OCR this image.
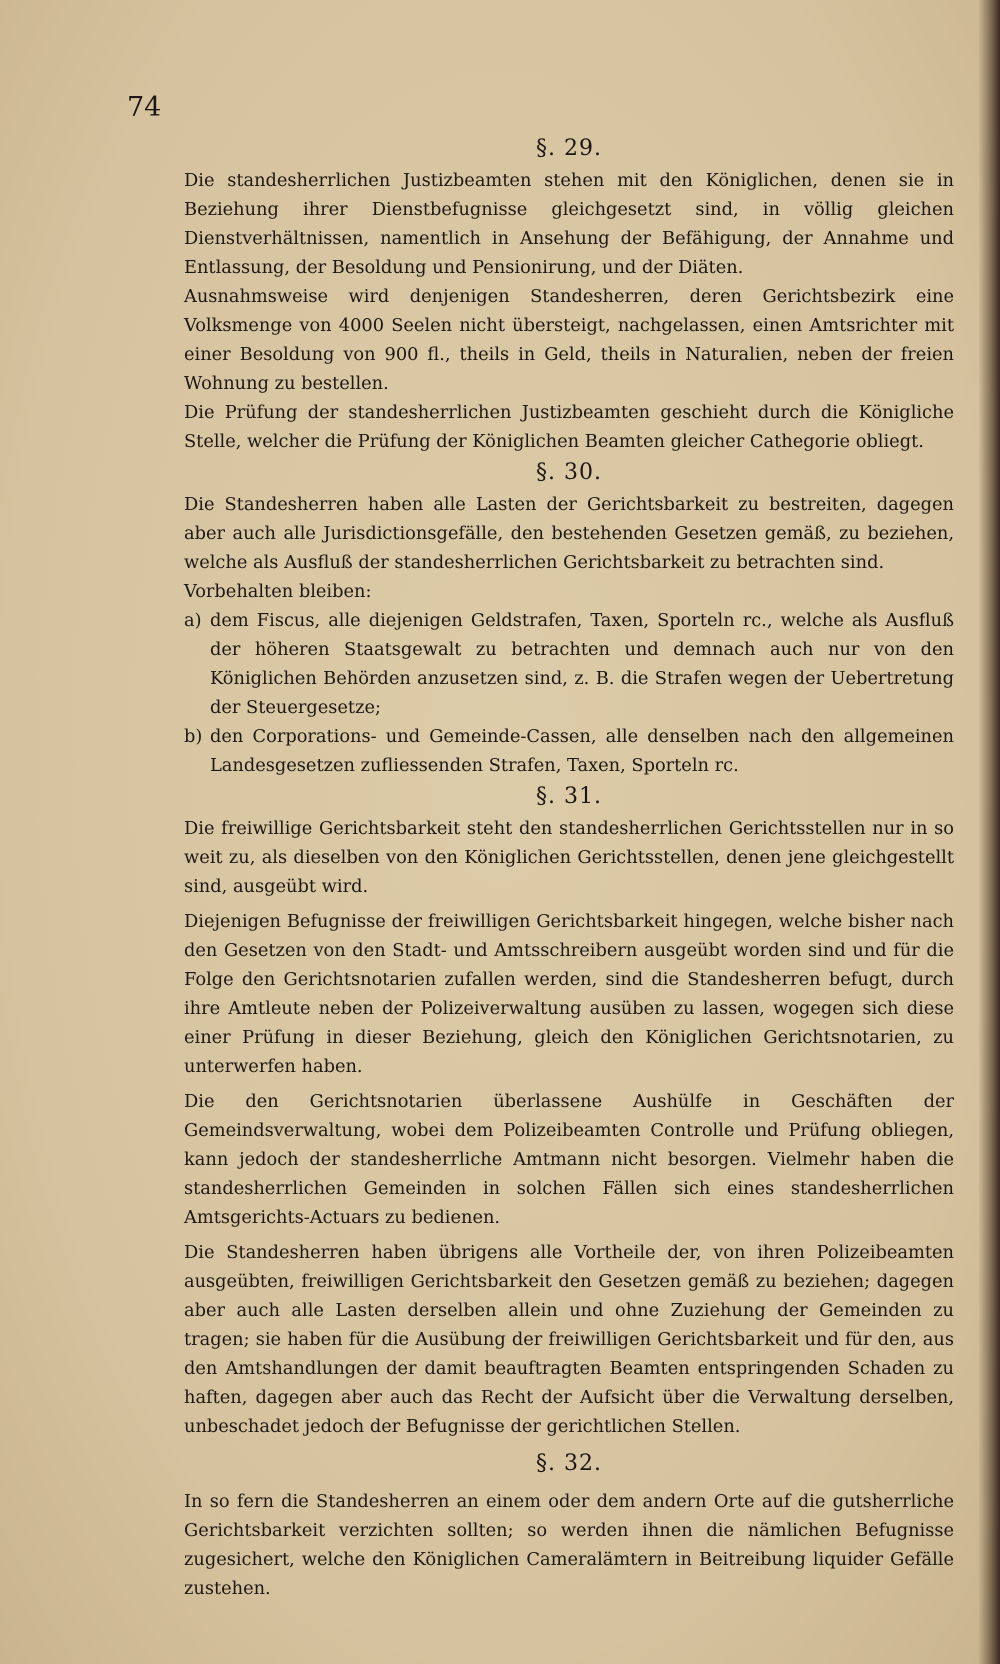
74
§. 29.

Die standesherrlichen Justizbeamten stehen mit den Königlichen, denen sie in Beziehung ihrer Dienstbefugnisse gleichgesetzt sind, in völlig gleichen Dienstverhältnissen, namentlich in Ansehung der Befähigung, der Annahme und Entlassung, der Besoldung und Pensionirung, und der Diäten.

Ausnahmsweise wird denjenigen Standesherren, deren Gerichtsbezirk eine Volksmenge von 4000 Seelen nicht übersteigt, nachgelassen, einen Amtsrichter mit einer Besoldung von 900 fl., theils in Geld, theils in Naturalien, neben der freien Wohnung zu bestellen.

Die Prüfung der standesherrlichen Justizbeamten geschieht durch die Königliche Stelle, welcher die Prüfung der Königlichen Beamten gleicher Cathegorie obliegt.

§. 30.

Die Standesherren haben alle Lasten der Gerichtsbarkeit zu bestreiten, dagegen aber auch alle Jurisdictionsgefälle, den bestehenden Gesetzen gemäß, zu beziehen, welche als Ausfluß der standesherrlichen Gerichtsbarkeit zu betrachten sind.

Vorbehalten bleiben:

a) dem Fiscus, alle diejenigen Geldstrafen, Taxen, Sporteln rc., welche als Ausfluß der höheren Staatsgewalt zu betrachten und demnach auch nur von den Königlichen Behörden anzusetzen sind, z. B. die Strafen wegen der Uebertretung der Steuergesetze;
b) den Corporations- und Gemeinde-Cassen, alle denselben nach den allgemeinen Landesgesetzen zufliessenden Strafen, Taxen, Sporteln rc.
§. 31.

Die freiwillige Gerichtsbarkeit steht den standesherrlichen Gerichtsstellen nur in so weit zu, als dieselben von den Königlichen Gerichtsstellen, denen jene gleichgestellt sind, ausgeübt wird.

Diejenigen Befugnisse der freiwilligen Gerichtsbarkeit hingegen, welche bisher nach den Gesetzen von den Stadt- und Amtsschreibern ausgeübt worden sind und für die Folge den Gerichtsnotarien zufallen werden, sind die Standesherren befugt, durch ihre Amtleute neben der Polizeiverwaltung ausüben zu lassen, wogegen sich diese einer Prüfung in dieser Beziehung, gleich den Königlichen Gerichtsnotarien, zu unterwerfen haben.

Die den Gerichtsnotarien überlassene Aushülfe in Geschäften der Gemeindsverwaltung, wobei dem Polizeibeamten Controlle und Prüfung obliegen, kann jedoch der standesherrliche Amtmann nicht besorgen. Vielmehr haben die standesherrlichen Gemeinden in solchen Fällen sich eines standesherrlichen Amtsgerichts-Actuars zu bedienen.

Die Standesherren haben übrigens alle Vortheile der, von ihren Polizeibeamten ausgeübten, freiwilligen Gerichtsbarkeit den Gesetzen gemäß zu beziehen; dagegen aber auch alle Lasten derselben allein und ohne Zuziehung der Gemeinden zu tragen; sie haben für die Ausübung der freiwilligen Gerichtsbarkeit und für den, aus den Amtshandlungen der damit beauftragten Beamten entspringenden Schaden zu haften, dagegen aber auch das Recht der Aufsicht über die Verwaltung derselben, unbeschadet jedoch der Befugnisse der gerichtlichen Stellen.

§. 32.

In so fern die Standesherren an einem oder dem andern Orte auf die gutsherrliche Gerichtsbarkeit verzichten sollten; so werden ihnen die nämlichen Befugnisse zugesichert, welche den Königlichen Cameralämtern in Beitreibung liquider Gefälle zustehen.
